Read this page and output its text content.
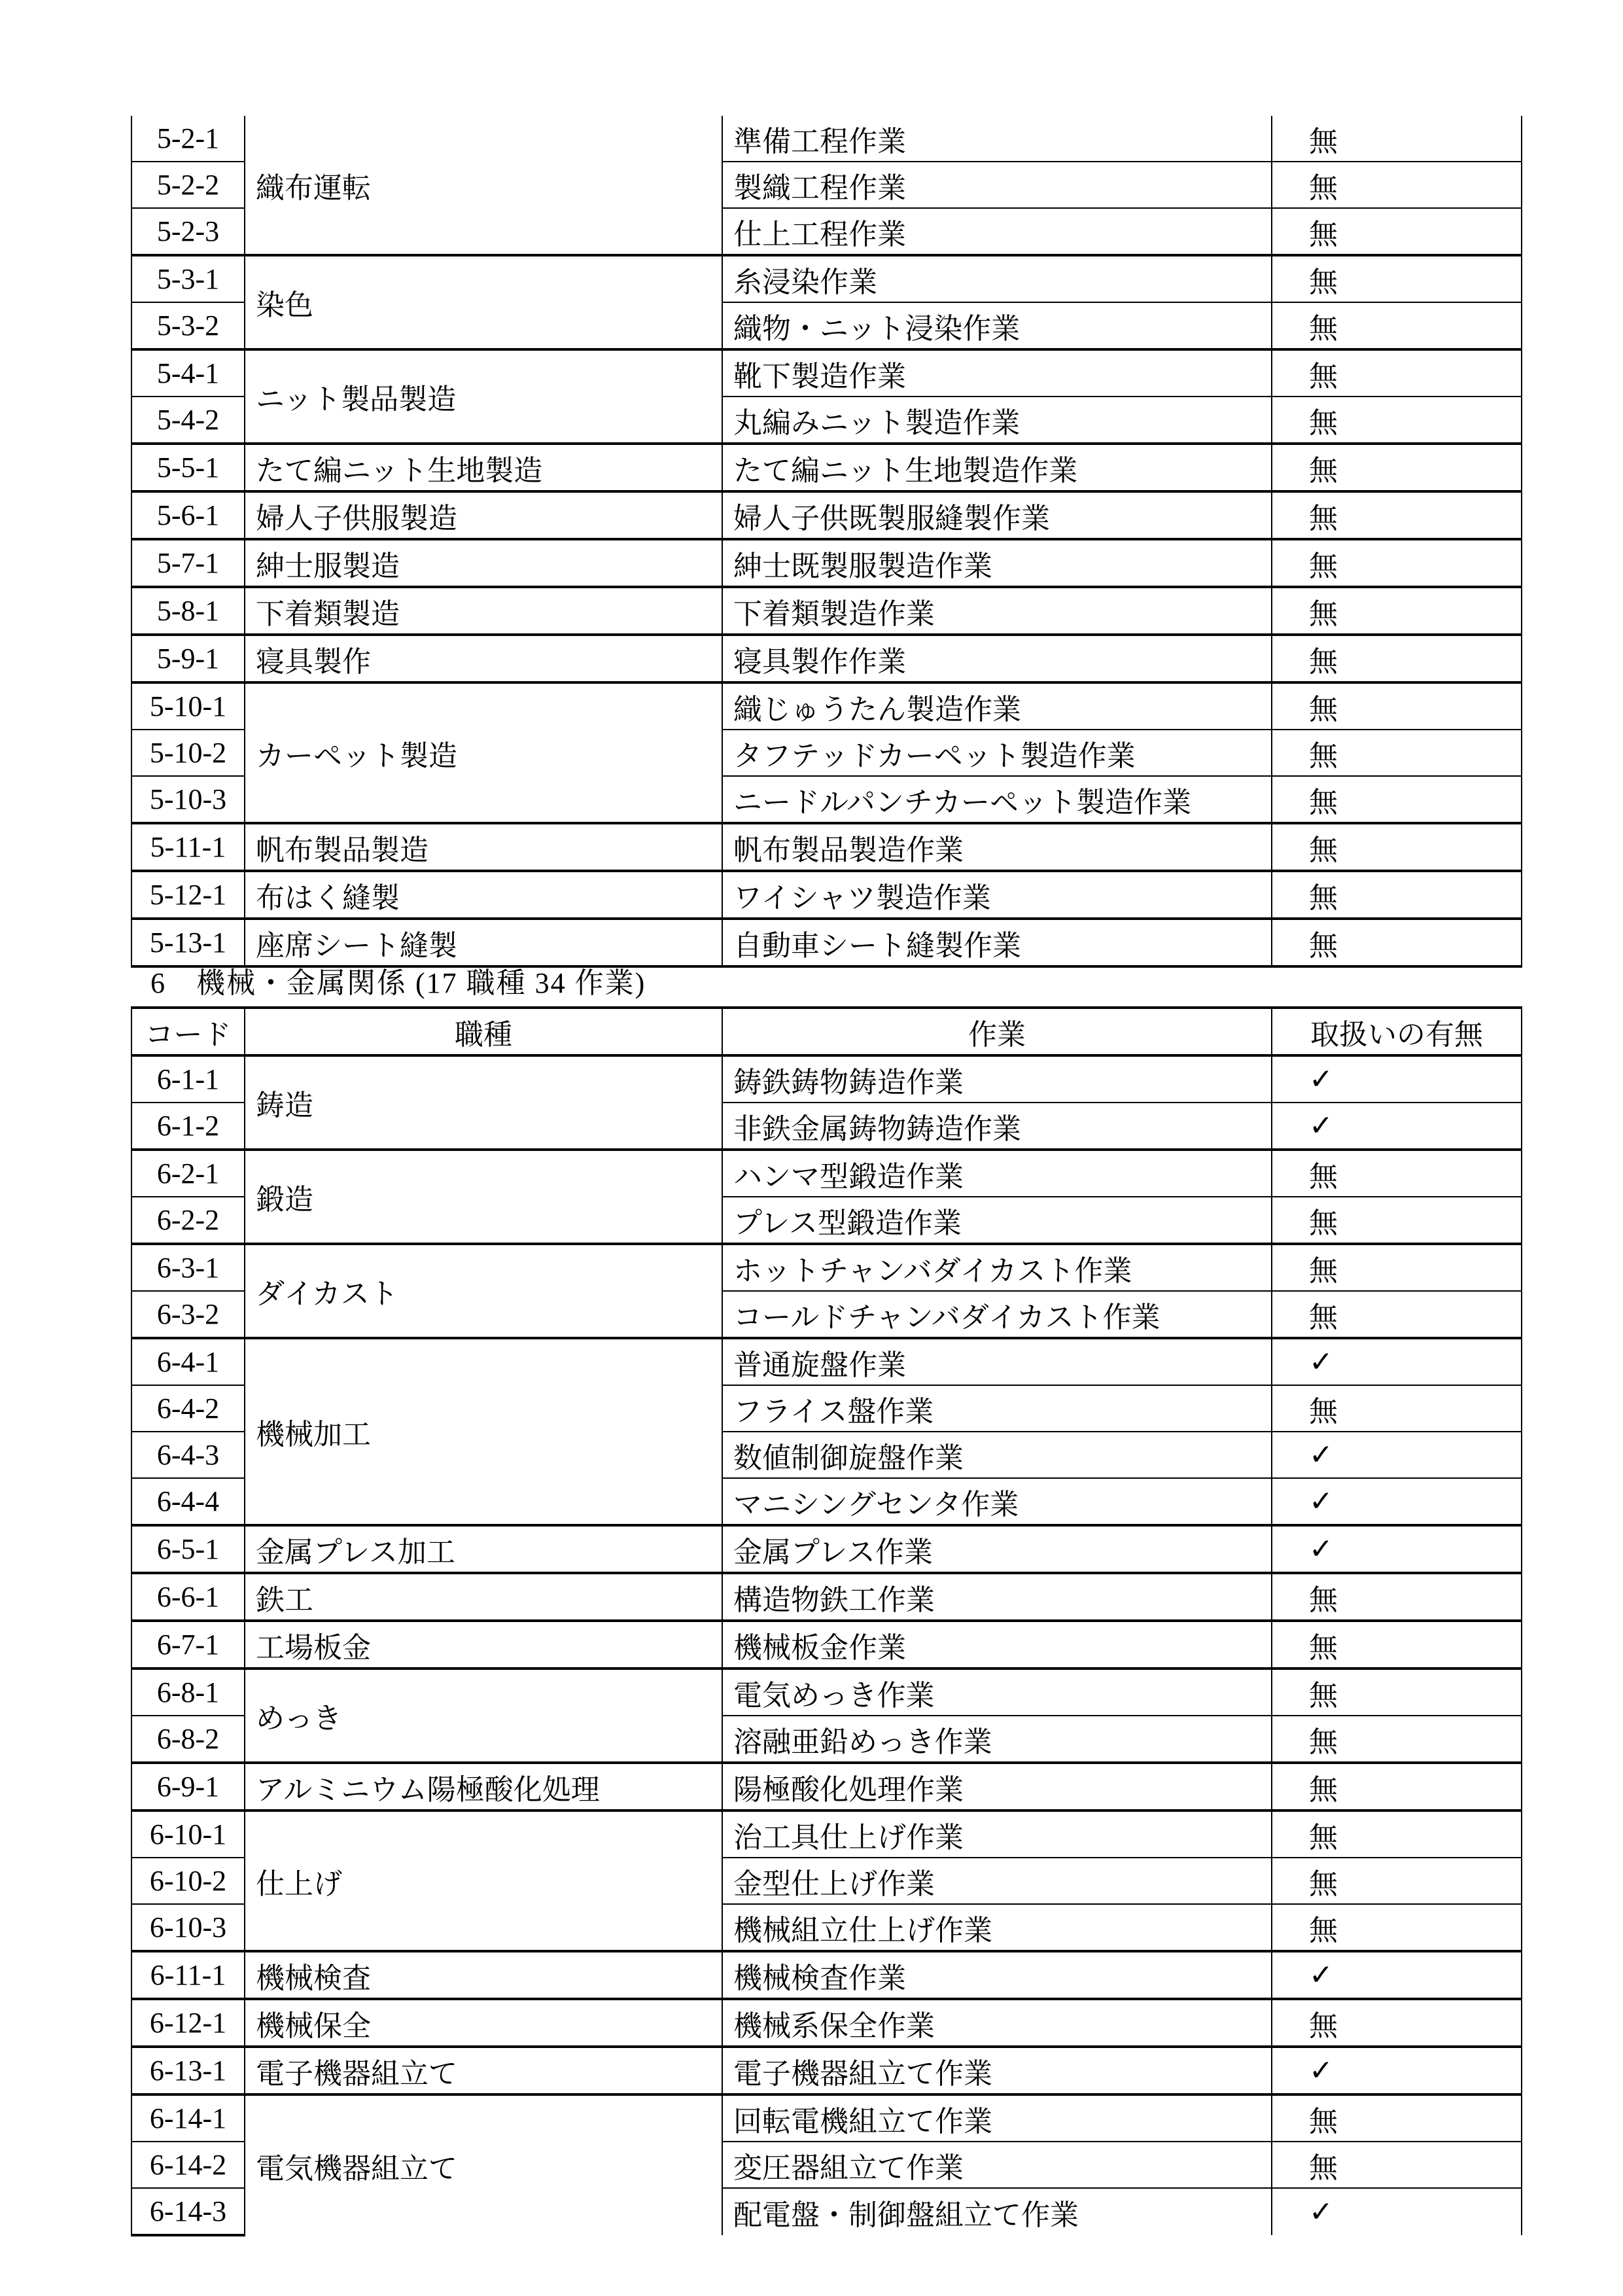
5-2-1	織布運転	準備工程作業	無
5-2-2		製織工程作業	無
5-2-3		仕上工程作業	無
5-3-1	染色	糸浸染作業	無
5-3-2		織物・ニット浸染作業	無
5-4-1	ニット製品製造	靴下製造作業	無
5-4-2		丸編みニット製造作業	無
5-5-1	たて編ニット生地製造	たて編ニット生地製造作業	無
5-6-1	婦人子供服製造	婦人子供既製服縫製作業	無
5-7-1	紳士服製造	紳士既製服製造作業	無
5-8-1	下着類製造	下着類製造作業	無
5-9-1	寝具製作	寝具製作作業	無
5-10-1	カーペット製造	織じゅうたん製造作業	無
5-10-2		タフテッドカーペット製造作業	無
5-10-3		ニードルパンチカーペット製造作業	無
5-11-1	帆布製品製造	帆布製品製造作業	無
5-12-1	布はく縫製	ワイシャツ製造作業	無
5-13-1	座席シート縫製	自動車シート縫製作業	無
6　機械・金属関係 (17 職種 34 作業)
コード	職種	作業	取扱いの有無
6-1-1	鋳造	鋳鉄鋳物鋳造作業	✓
6-1-2		非鉄金属鋳物鋳造作業	✓
6-2-1	鍛造	ハンマ型鍛造作業	無
6-2-2		プレス型鍛造作業	無
6-3-1	ダイカスト	ホットチャンバダイカスト作業	無
6-3-2		コールドチャンバダイカスト作業	無
6-4-1	機械加工	普通旋盤作業	✓
6-4-2		フライス盤作業	無
6-4-3		数値制御旋盤作業	✓
6-4-4		マニシングセンタ作業	✓
6-5-1	金属プレス加工	金属プレス作業	✓
6-6-1	鉄工	構造物鉄工作業	無
6-7-1	工場板金	機械板金作業	無
6-8-1	めっき	電気めっき作業	無
6-8-2		溶融亜鉛めっき作業	無
6-9-1	アルミニウム陽極酸化処理	陽極酸化処理作業	無
6-10-1	仕上げ	治工具仕上げ作業	無
6-10-2		金型仕上げ作業	無
6-10-3		機械組立仕上げ作業	無
6-11-1	機械検査	機械検査作業	✓
6-12-1	機械保全	機械系保全作業	無
6-13-1	電子機器組立て	電子機器組立て作業	✓
6-14-1	電気機器組立て	回転電機組立て作業	無
6-14-2		変圧器組立て作業	無
6-14-3		配電盤・制御盤組立て作業	✓
